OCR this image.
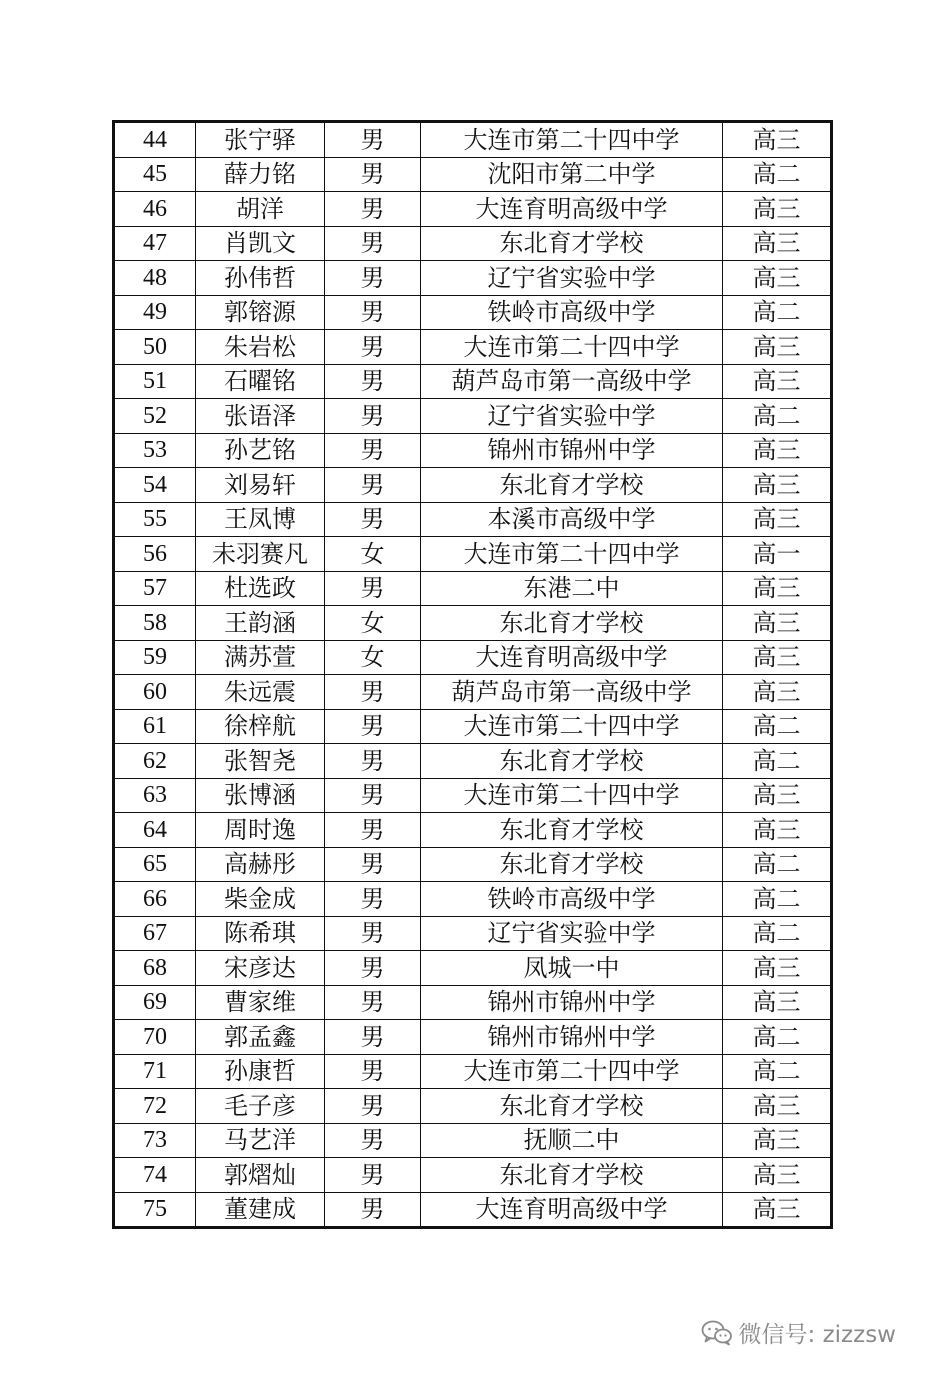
44	张宁驿	男	大连市第二十四中学	高三
45	薛力铭	男	沈阳市第二中学	高二
46	胡洋	男	大连育明高级中学	高三
47	肖凯文	男	东北育才学校	高三
48	孙伟哲	男	辽宁省实验中学	高三
49	郭镕源	男	铁岭市高级中学	高二
50	朱岩松	男	大连市第二十四中学	高三
51	石曜铭	男	葫芦岛市第一高级中学	高三
52	张语泽	男	辽宁省实验中学	高二
53	孙艺铭	男	锦州市锦州中学	高三
54	刘易轩	男	东北育才学校	高三
55	王凤博	男	本溪市高级中学	高三
56	未羽赛凡	女	大连市第二十四中学	高一
57	杜选政	男	东港二中	高三
58	王韵涵	女	东北育才学校	高三
59	满苏萱	女	大连育明高级中学	高三
60	朱远震	男	葫芦岛市第一高级中学	高三
61	徐梓航	男	大连市第二十四中学	高二
62	张智尧	男	东北育才学校	高二
63	张博涵	男	大连市第二十四中学	高三
64	周时逸	男	东北育才学校	高三
65	高赫彤	男	东北育才学校	高二
66	柴金成	男	铁岭市高级中学	高二
67	陈希琪	男	辽宁省实验中学	高二
68	宋彦达	男	凤城一中	高三
69	曹家维	男	锦州市锦州中学	高三
70	郭孟鑫	男	锦州市锦州中学	高二
71	孙康哲	男	大连市第二十四中学	高二
72	毛子彦	男	东北育才学校	高三
73	马艺洋	男	抚顺二中	高三
74	郭熠灿	男	东北育才学校	高三
75	董建成	男	大连育明高级中学	高三
微信号: zizzsw
